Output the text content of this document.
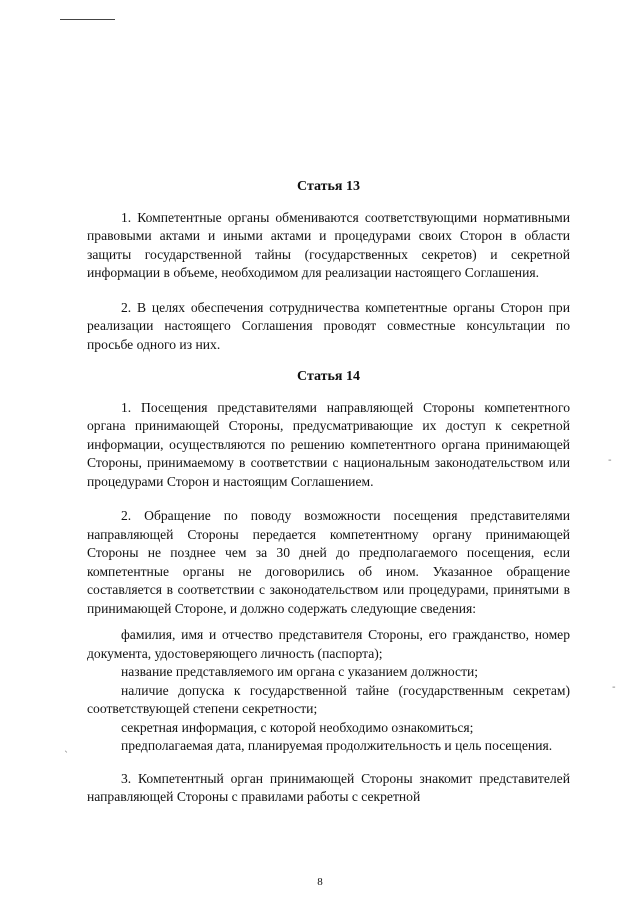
Статья 13

1. Компетентные органы обмениваются соответствующими нормативными правовыми актами и иными актами и процедурами своих Сторон в области защиты государственной тайны (государственных секретов) и секретной информации в объеме, необходимом для реализации настоящего Соглашения.

2. В целях обеспечения сотрудничества компетентные органы Сторон при реализации настоящего Соглашения проводят совместные консультации по просьбе одного из них.

Статья 14

1. Посещения представителями направляющей Стороны компетентного органа принимающей Стороны, предусматривающие их доступ к секретной информации, осуществляются по решению компетентного органа принимающей Стороны, принимаемому в соответствии с национальным законодательством или процедурами Сторон и настоящим Соглашением.

2. Обращение по поводу возможности посещения представителями направляющей Стороны передается компетентному органу принимающей Стороны не позднее чем за 30 дней до предполагаемого посещения, если компетентные органы не договорились об ином. Указанное обращение составляется в соответствии с законодательством или процедурами, принятыми в принимающей Стороне, и должно содержать следующие сведения:

фамилия, имя и отчество представителя Стороны, его гражданство, номер документа, удостоверяющего личность (паспорта);

название представляемого им органа с указанием должности;

наличие допуска к государственной тайне (государственным секретам) соответствующей степени секретности;

секретная информация, с которой необходимо ознакомиться;

предполагаемая дата, планируемая продолжительность и цель посещения.

3. Компетентный орган принимающей Стороны знакомит представителей направляющей Стороны с правилами работы с секретной

-
-
ˎ
8
